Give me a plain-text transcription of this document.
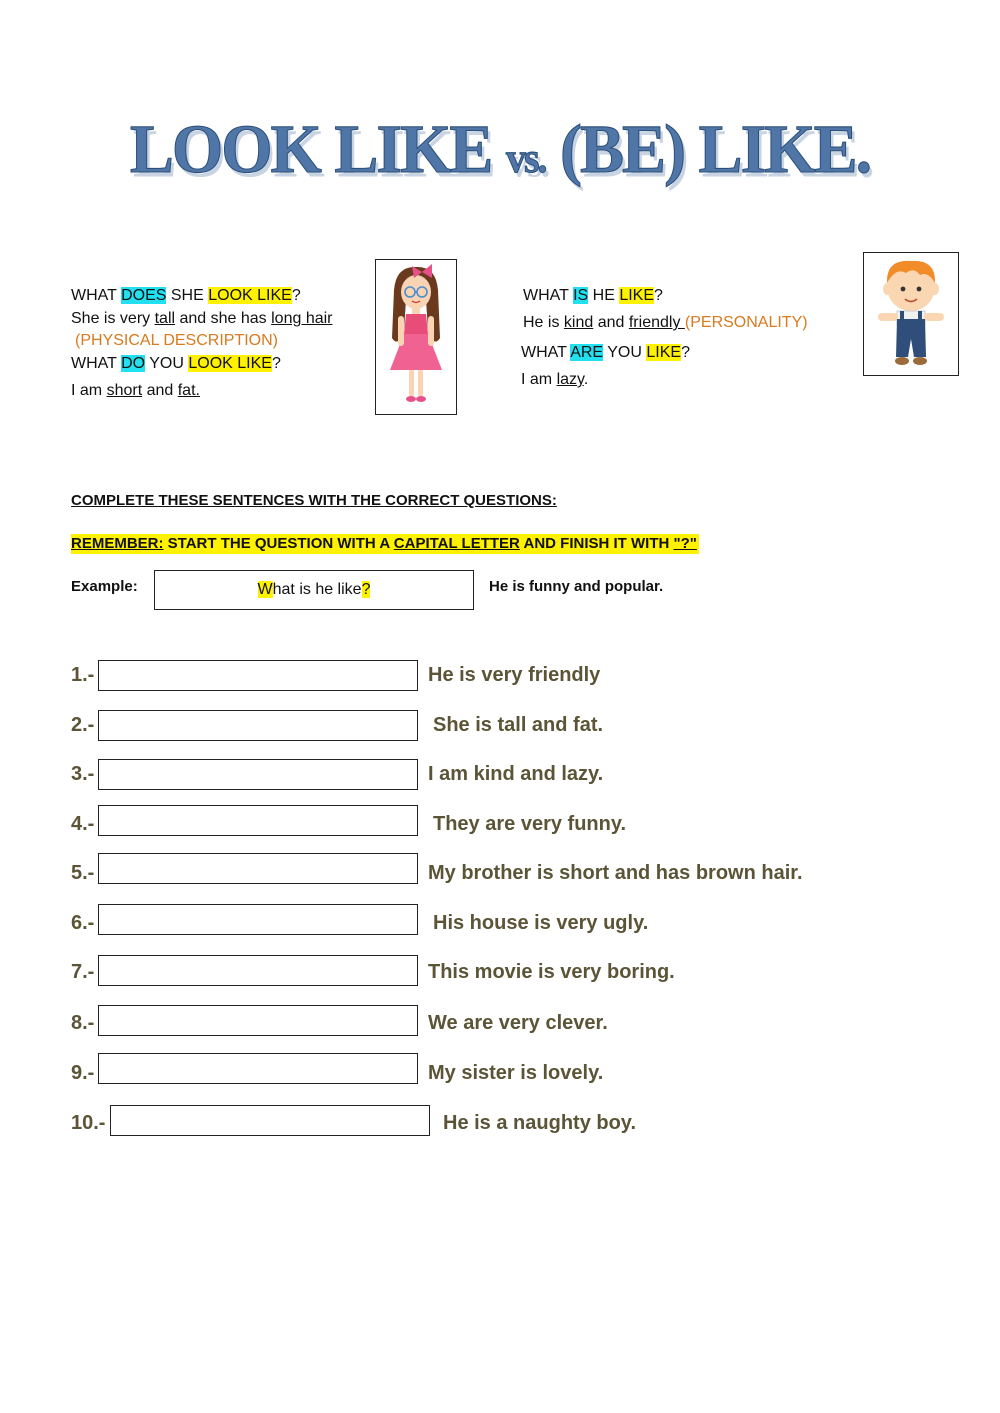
LOOK LIKE vs. (BE) LIKE.
WHAT DOES SHE LOOK LIKE?
She is very tall and she has long hair
(PHYSICAL DESCRIPTION)
WHAT DO YOU LOOK LIKE?
I am short and fat.
WHAT IS HE LIKE?
He is kind and friendly (PERSONALITY)
WHAT ARE YOU LIKE?
I am lazy.
COMPLETE THESE SENTENCES WITH THE CORRECT QUESTIONS:
REMEMBER: START THE QUESTION WITH A CAPITAL LETTER AND FINISH IT WITH "?"
Example:	What is he like?	He is funny and popular.
1.-	He is very friendly
2.-	She is tall and fat.
3.-	I am kind and lazy.
4.-	They are very funny.
5.-	My brother is short and has brown hair.
6.-	His house is very ugly.
7.-	This movie is very boring.
8.-	We are very clever.
9.-	My sister is lovely.
10.-	He is a naughty boy.
